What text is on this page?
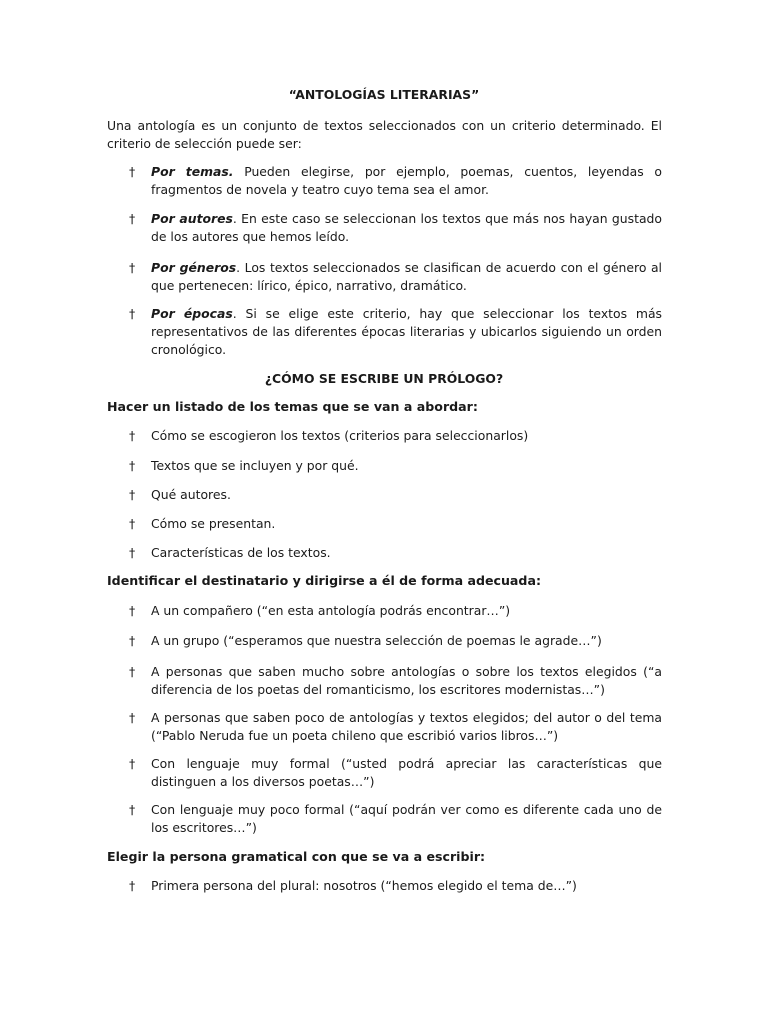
“ANTOLOGÍAS LITERARIAS”

Una antología es un conjunto de textos seleccionados con un criterio determinado. El criterio de selección puede ser:

†	Por temas. Pueden elegirse, por ejemplo, poemas, cuentos, leyendas o fragmentos de novela y teatro cuyo tema sea el amor.
†	Por autores. En este caso se seleccionan los textos que más nos hayan gustado de los autores que hemos leído.
†	Por géneros. Los textos seleccionados se clasifican de acuerdo con el género al que pertenecen: lírico, épico, narrativo, dramático.
†	Por épocas. Si se elige este criterio, hay que seleccionar los textos más representativos de las diferentes épocas literarias y ubicarlos siguiendo un orden cronológico.
¿CÓMO SE ESCRIBE UN PRÓLOGO?
Hacer un listado de los temas que se van a abordar:
†	Cómo se escogieron los textos (criterios para seleccionarlos)
†	Textos que se incluyen y por qué.
†	Qué autores.
†	Cómo se presentan.
†	Características de los textos.
Identificar el destinatario y dirigirse a él de forma adecuada:
†	A un compañero (“en esta antología podrás encontrar…”)
†	A un grupo (“esperamos que nuestra selección de poemas le agrade…”)
†	A personas que saben mucho sobre antologías o sobre los textos elegidos (“a diferencia de los poetas del romanticismo, los escritores modernistas…”)
†	A personas que saben poco de antologías y textos elegidos; del autor o del tema (“Pablo Neruda fue un poeta chileno que escribió varios libros…”)
†	Con lenguaje muy formal (“usted podrá apreciar las características que distinguen a los diversos poetas…”)
†	Con lenguaje muy poco formal (“aquí podrán ver como es diferente cada uno de los escritores…”)
Elegir la persona gramatical con que se va a escribir:
†	Primera persona del plural: nosotros (“hemos elegido el tema de…”)
